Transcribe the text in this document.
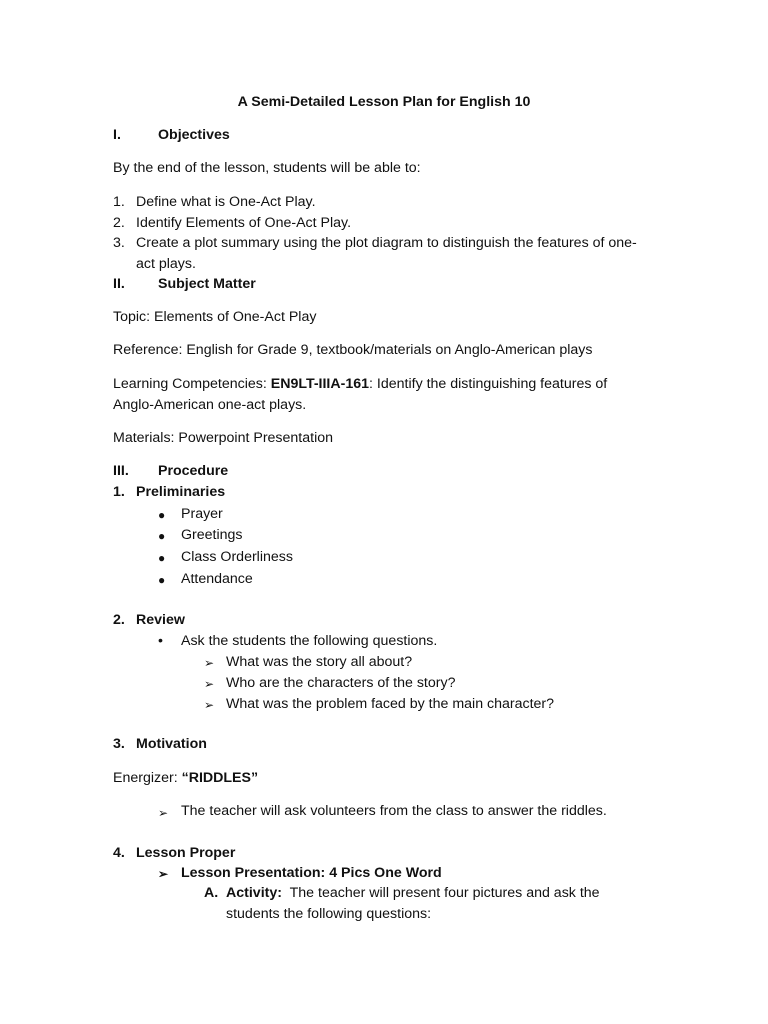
A Semi-Detailed Lesson Plan for English 10
I.	Objectives
By the end of the lesson, students will be able to:
1. Define what is One-Act Play.
2. Identify Elements of One-Act Play.
3. Create a plot summary using the plot diagram to distinguish the features of one-
act plays.
II. Subject Matter
Topic: Elements of One-Act Play
Reference: English for Grade 9, textbook/materials on Anglo-American plays
Learning Competencies: EN9LT-IIIA-161: Identify the distinguishing features of
Anglo-American one-act plays.
Materials: Powerpoint Presentation
III. Procedure
1. Preliminaries
● Prayer
● Greetings
● Class Orderliness
● Attendance
2. Review
• Ask the students the following questions.
➢ What was the story all about?
➢ Who are the characters of the story?
➢ What was the problem faced by the main character?
3. Motivation
Energizer: “RIDDLES”
➢ The teacher will ask volunteers from the class to answer the riddles.
4. Lesson Proper
➢ Lesson Presentation: 4 Pics One Word
A. Activity: The teacher will present four pictures and ask the
students the following questions:
